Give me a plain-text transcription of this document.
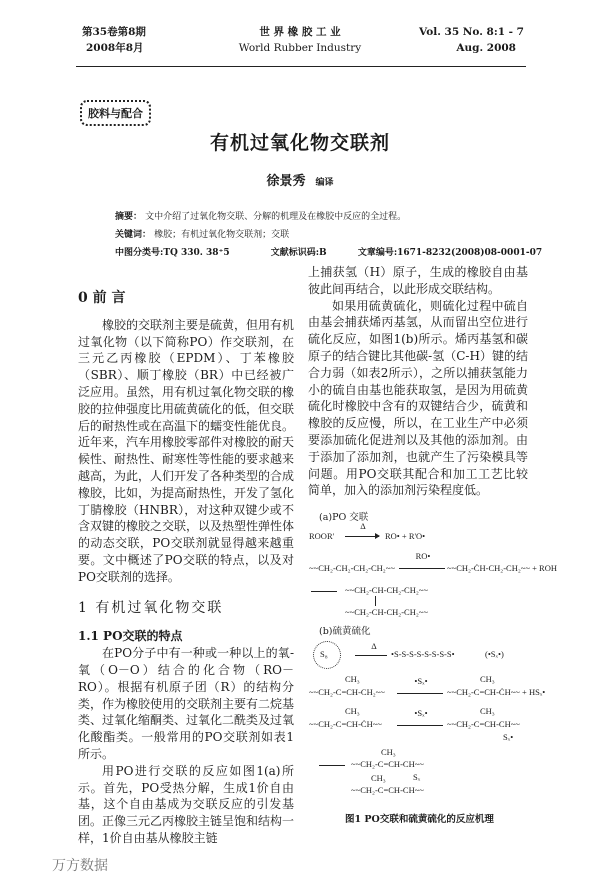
第35卷第8期
2008年8月
世 界 橡 胶 工 业
World Rubber Industry
Vol. 35 No. 8:1 - 7
Aug. 2008
胶料与配合
有机过氧化物交联剂
徐景秀 编译
摘要： 文中介绍了过氧化物交联、分解的机理及在橡胶中反应的全过程。
关键词： 橡胶；有机过氧化物交联剂；交联
中图分类号:TQ 330. 38⁺5	文献标识码:B	文章编号:1671-8232(2008)08-0001-07
0 前 言

橡胶的交联剂主要是硫黄，但用有机过氧化物（以下简称PO）作交联剂，在三元乙丙橡胶（EPDM）、丁苯橡胶（SBR）、顺丁橡胶（BR）中已经被广泛应用。虽然，用有机过氧化物交联的橡胶的拉伸强度比用硫黄硫化的低，但交联后的耐热性或在高温下的蠕变性能优良。近年来，汽车用橡胶零部件对橡胶的耐天候性、耐热性、耐寒性等性能的要求越来越高，为此，人们开发了各种类型的合成橡胶，比如，为提高耐热性，开发了氢化丁腈橡胶（HNBR），对这种双键少或不含双键的橡胶之交联，以及热塑性弹性体的动态交联，PO交联剂就显得越来越重要。文中概述了PO交联的特点，以及对PO交联剂的选择。

1 有机过氧化物交联
1.1 PO交联的特点

在PO分子中有一种或一种以上的氧-氧（O－O）结合的化合物（RO－RO）。根据有机原子团（R）的结构分类，作为橡胶使用的交联剂主要有二烷基类、过氧化缩酮类、过氧化二酰类及过氧化酸酯类。一般常用的PO交联剂如表1所示。

用PO进行交联的反应如图1(a)所示。首先，PO受热分解，生成1价自由基，这个自由基成为交联反应的引发基团。正像三元乙丙橡胶主链呈饱和结构一样，1价自由基从橡胶主链

上捕获氢（H）原子，生成的橡胶自由基彼此间再结合，以此形成交联结构。

如果用硫黄硫化，则硫化过程中硫自由基会捕获烯丙基氢，从而留出空位进行硫化反应，如图1(b)所示。烯丙基氢和碳原子的结合键比其他碳-氢（C-H）键的结合力弱（如表2所示），之所以捕获氢能力小的硫自由基也能获取氢，是因为用硫黄硫化时橡胶中含有的双键结合少，硫黄和橡胶的反应慢，所以，在工业生产中必须要添加硫化促进剂以及其他的添加剂。由于添加了添加剂，也就产生了污染模具等问题。用PO交联其配合和加工工艺比较简单，加入的添加剂污染程度低。

(a)PO 交联
ROOR'
Δ
RO• + R'O•
~~CH₂-CH₂-CH₂-CH₂~~
RO•
~~CH₂-ĊH-CH₂-CH₂~~ + ROH
~~CH₂-CH-CH₂-CH₂~~
~~CH₂-CH-CH₂-CH₂~~
(b)硫黄硫化
S₈
Δ
•S-S-S-S-S-S-S-S•	(•Sₓ•)
CH₃
~~CH₂-C=CH-CH₂~~
•Sₓ•	CH₃
~~CH₂-C=CH-ĊH~~ + HSₓ•
CH₃
~~CH₂-C=CH-ĊH~~
•Sₓ•	CH₃
~~CH₂-C=CH-CH~~
Sₓ•
CH₃
~~CH₂-C=CH-CH~~
Sₓ
CH₃
~~CH₂-C=CH-CH~~
图1 PO交联和硫黄硫化的反应机理
万方数据
